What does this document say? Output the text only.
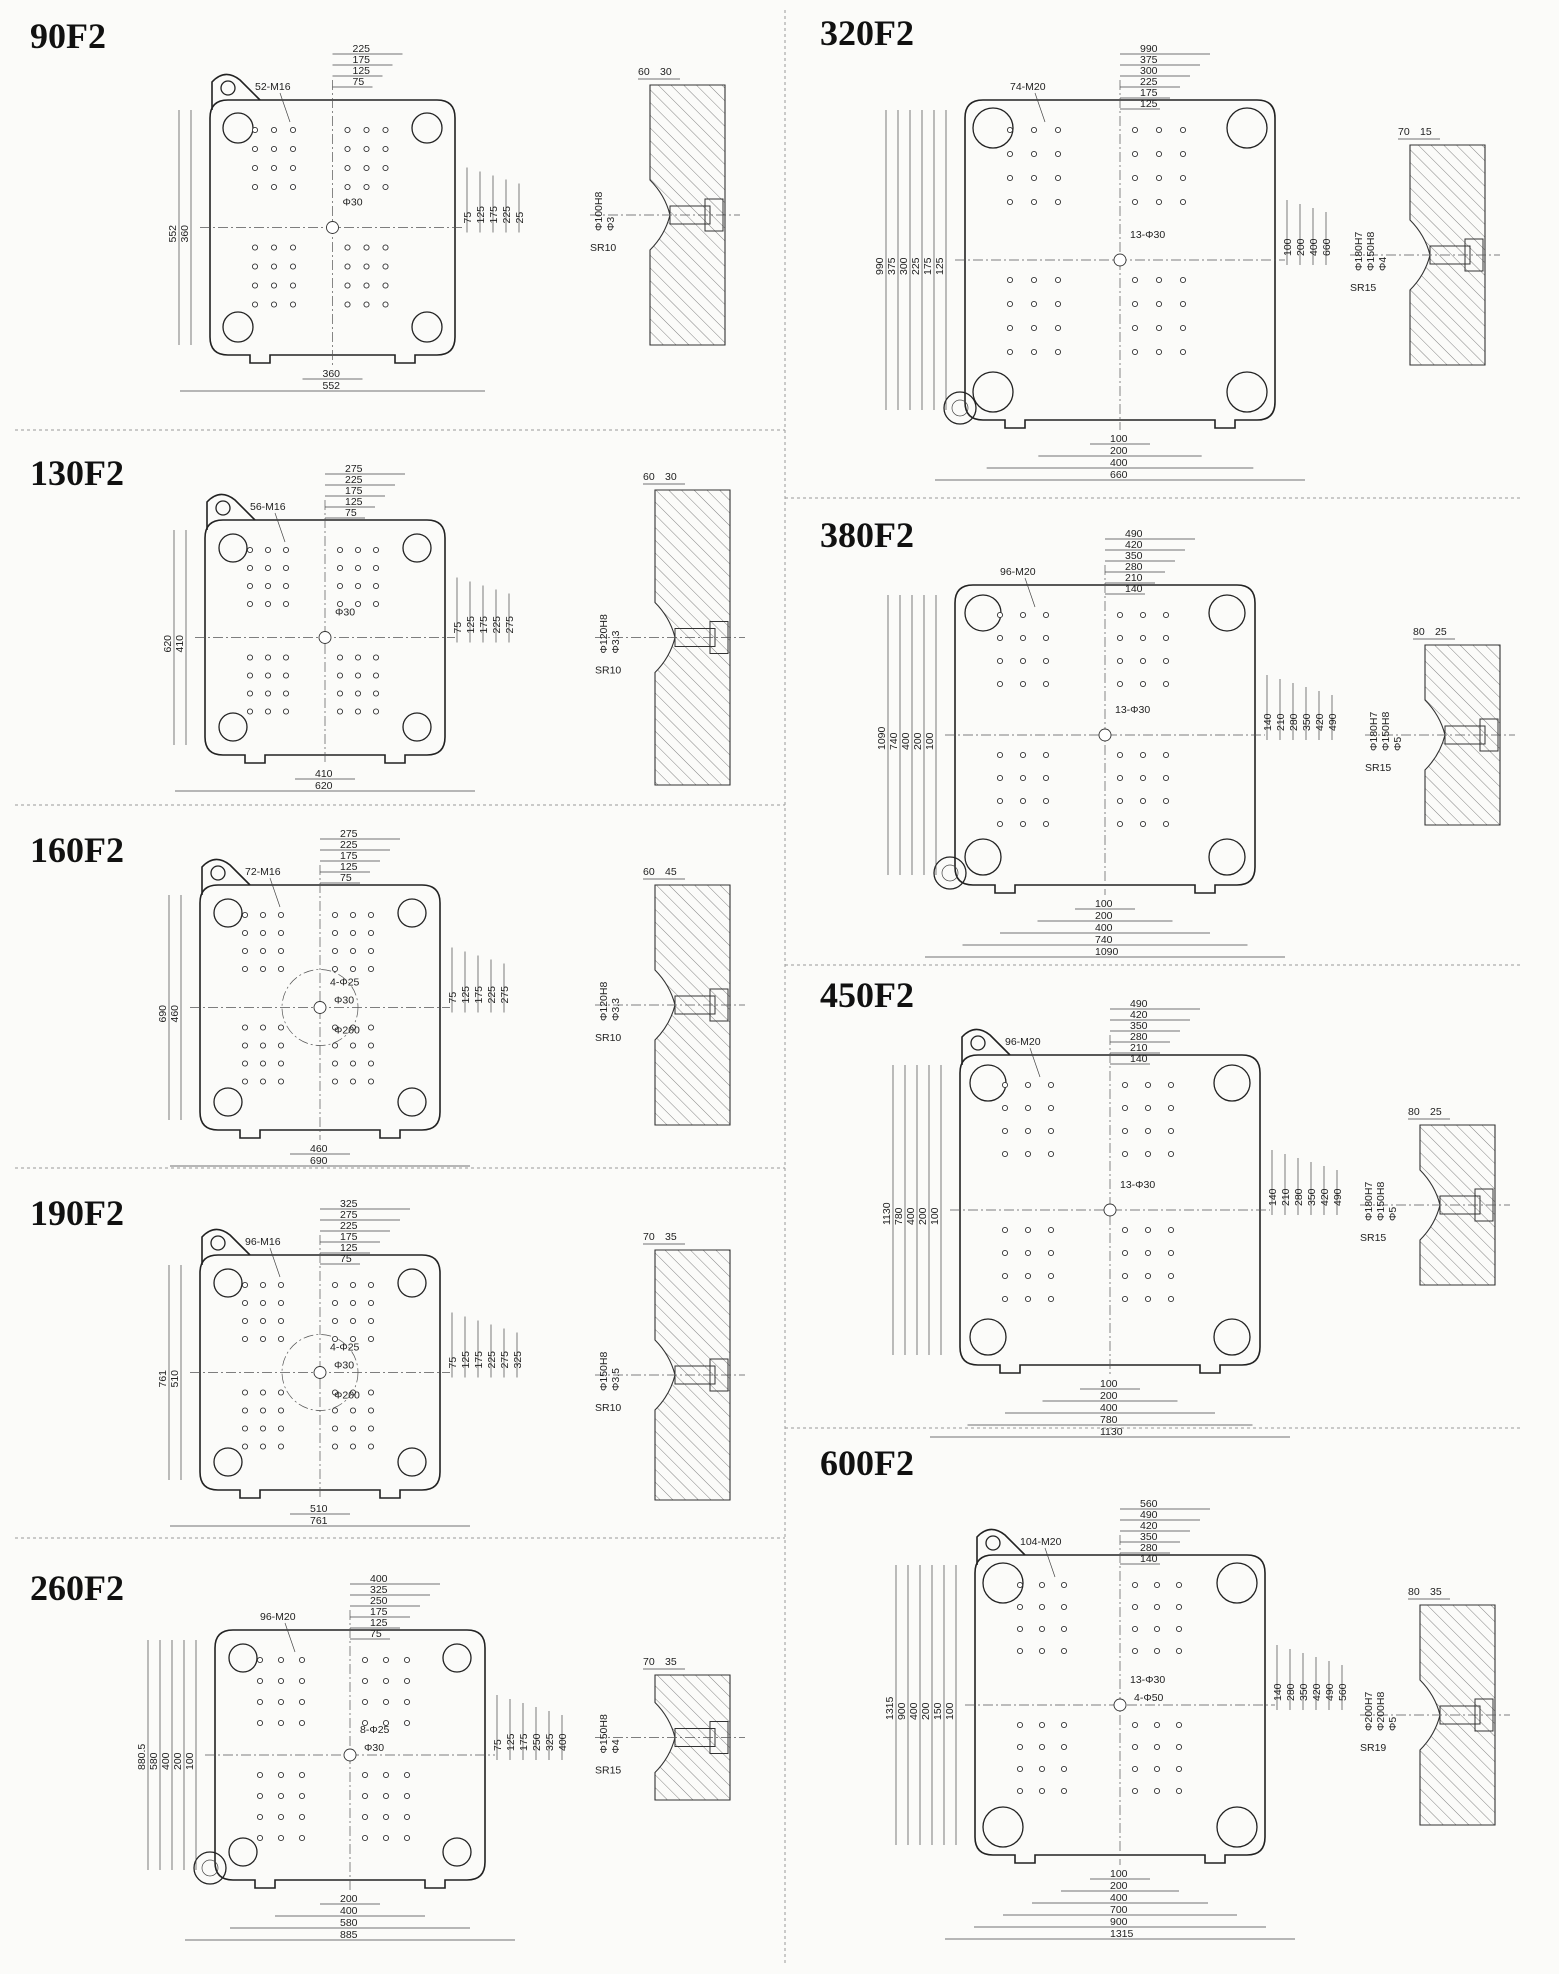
90F2
52-M16
Φ30
225
175
125
75
75 125 175 225 25
552 360
360
552
60 30
Φ100H8 Φ3
SR10
130F2
56-M16
Φ30
275
225
175
125
75
75 125 175 225 275
620 410
410
620
60 30
Φ120H8 Φ3.3
SR10
160F2
72-M16
4-Φ25
Φ30
Φ200
275
225
175
125
75
75 125 175 225 275
690 460
460
690
60 45
Φ120H8 Φ3.3
SR10
190F2
96-M16
4-Φ25
Φ30
Φ200
325
275
225
175
125
75
75 125 175 225 275 325
761 510
510
761
70 35
Φ150H8 Φ3.5
SR10
260F2
96-M20
8-Φ25
Φ30
400
325
250
175
125
75
75 125 175 250 325 400
880.5 580 400 200 100
200
400
580
885
70 35
Φ150H8 Φ4
SR15
320F2
74-M20
13-Φ30
990
375
300
225
175
125
100 200 400 660
990 375 300 225 175 125
100
200
400
660
70 15
Φ180H7 Φ150H8 Φ4
SR15
380F2
96-M20
13-Φ30
490
420
350
280
210
140
140 210 280 350 420 490
1090 740 400 200 100
100
200
400
740
1090
80 25
Φ180H7 Φ150H8 Φ5
SR15
450F2
96-M20
13-Φ30
490
420
350
280
210
140
140 210 280 350 420 490
1130 780 400 200 100
100
200
400
780
1130
80 25
Φ180H7 Φ150H8 Φ5
SR15
600F2
104-M20
13-Φ30
4-Φ50
560
490
420
350
280
140
140 280 350 420 490 560
1315 900 400 200 150 100
100
200
400
700
900
1315
80 35
Φ200H7 Φ200H8 Φ5
SR19
